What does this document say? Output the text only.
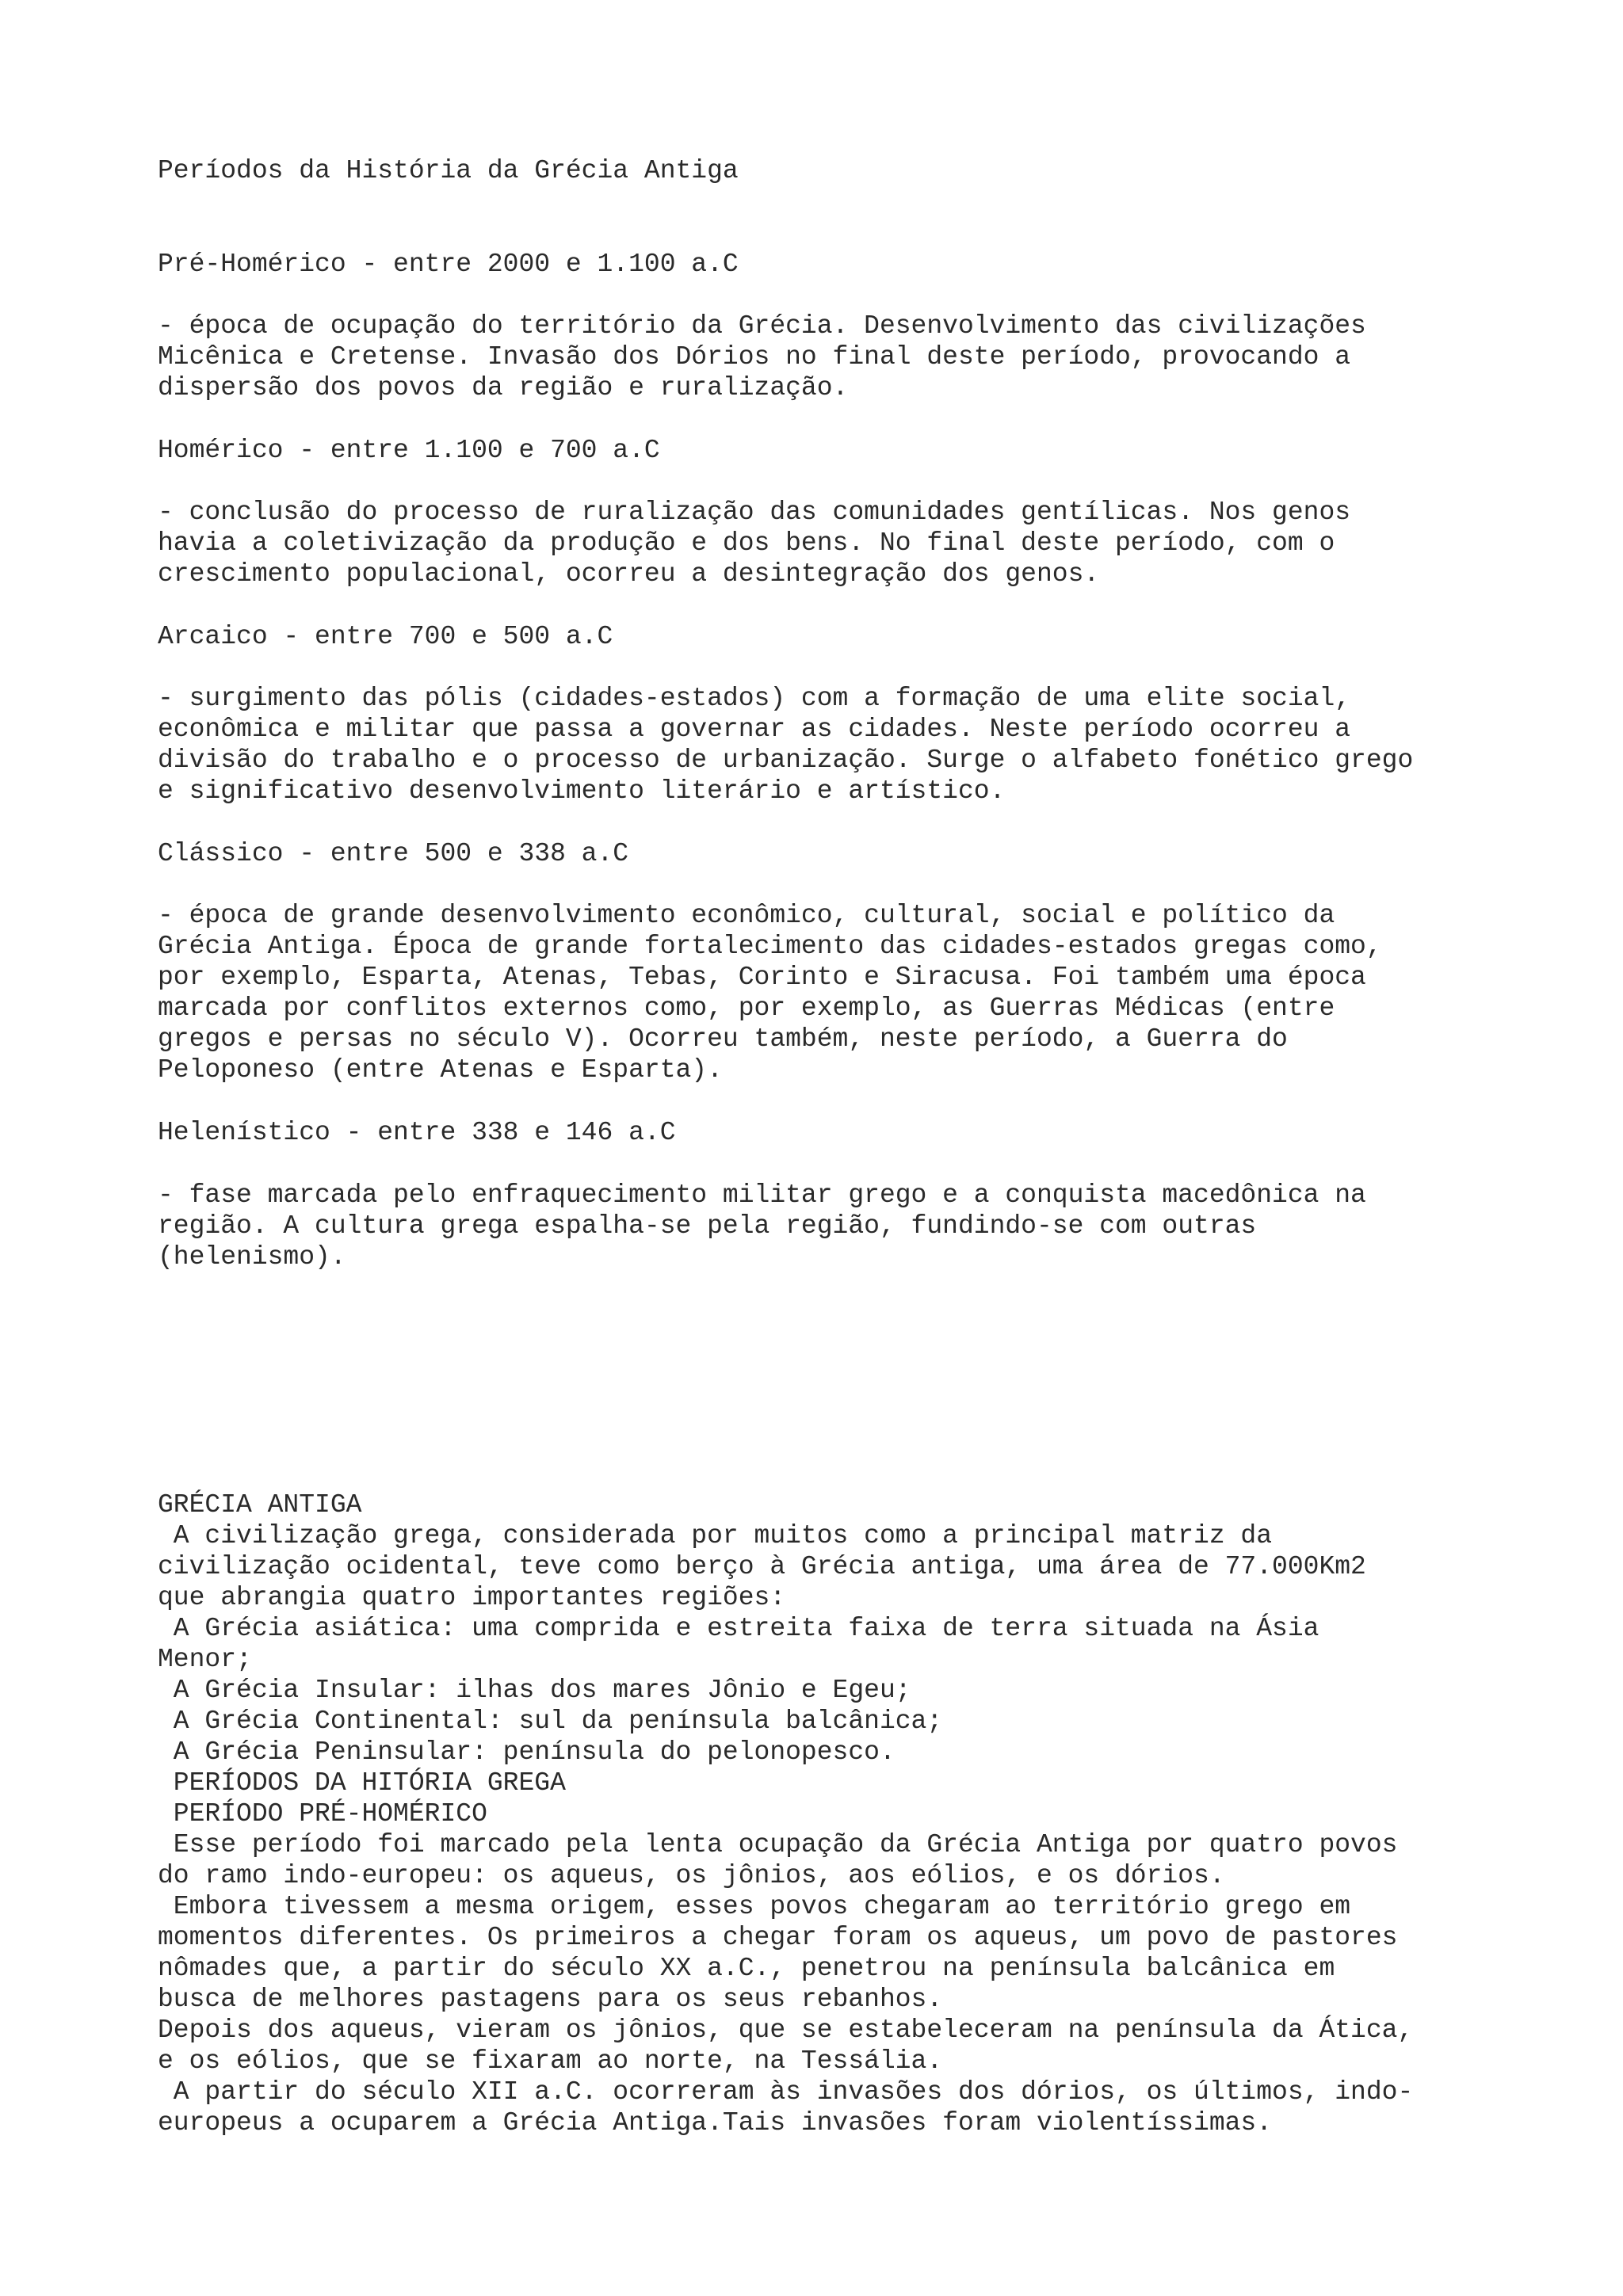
Períodos da História da Grécia Antiga

Pré-Homérico - entre 2000 e 1.100 a.C

- época de ocupação do território da Grécia. Desenvolvimento das civilizações

Micênica e Cretense. Invasão dos Dórios no final deste período, provocando a

dispersão dos povos da região e ruralização.

Homérico - entre 1.100 e 700 a.C

- conclusão do processo de ruralização das comunidades gentílicas. Nos genos

havia a coletivização da produção e dos bens. No final deste período, com o

crescimento populacional, ocorreu a desintegração dos genos.

Arcaico - entre 700 e 500 a.C

- surgimento das pólis (cidades-estados) com a formação de uma elite social,

econômica e militar que passa a governar as cidades. Neste período ocorreu a

divisão do trabalho e o processo de urbanização. Surge o alfabeto fonético grego

e significativo desenvolvimento literário e artístico.

Clássico - entre 500 e 338 a.C

- época de grande desenvolvimento econômico, cultural, social e político da

Grécia Antiga. Época de grande fortalecimento das cidades-estados gregas como,

por exemplo, Esparta, Atenas, Tebas, Corinto e Siracusa. Foi também uma época

marcada por conflitos externos como, por exemplo, as Guerras Médicas (entre

gregos e persas no século V). Ocorreu também, neste período, a Guerra do

Peloponeso (entre Atenas e Esparta).

Helenístico - entre 338 e 146 a.C

- fase marcada pelo enfraquecimento militar grego e a conquista macedônica na

região. A cultura grega espalha-se pela região, fundindo-se com outras

(helenismo).

GRÉCIA ANTIGA

A civilização grega, considerada por muitos como a principal matriz da

civilização ocidental, teve como berço à Grécia antiga, uma área de 77.000Km2

que abrangia quatro importantes regiões:

A Grécia asiática: uma comprida e estreita faixa de terra situada na Ásia

Menor;

A Grécia Insular: ilhas dos mares Jônio e Egeu;

A Grécia Continental: sul da península balcânica;

A Grécia Peninsular: península do pelonopesco.

PERÍODOS DA HITÓRIA GREGA

PERÍODO PRÉ-HOMÉRICO

Esse período foi marcado pela lenta ocupação da Grécia Antiga por quatro povos

do ramo indo-europeu: os aqueus, os jônios, aos eólios, e os dórios.

Embora tivessem a mesma origem, esses povos chegaram ao território grego em

momentos diferentes. Os primeiros a chegar foram os aqueus, um povo de pastores

nômades que, a partir do século XX a.C., penetrou na península balcânica em

busca de melhores pastagens para os seus rebanhos.

Depois dos aqueus, vieram os jônios, que se estabeleceram na península da Ática,

e os eólios, que se fixaram ao norte, na Tessália.

A partir do século XII a.C. ocorreram às invasões dos dórios, os últimos, indo-

europeus a ocuparem a Grécia Antiga.Tais invasões foram violentíssimas.
